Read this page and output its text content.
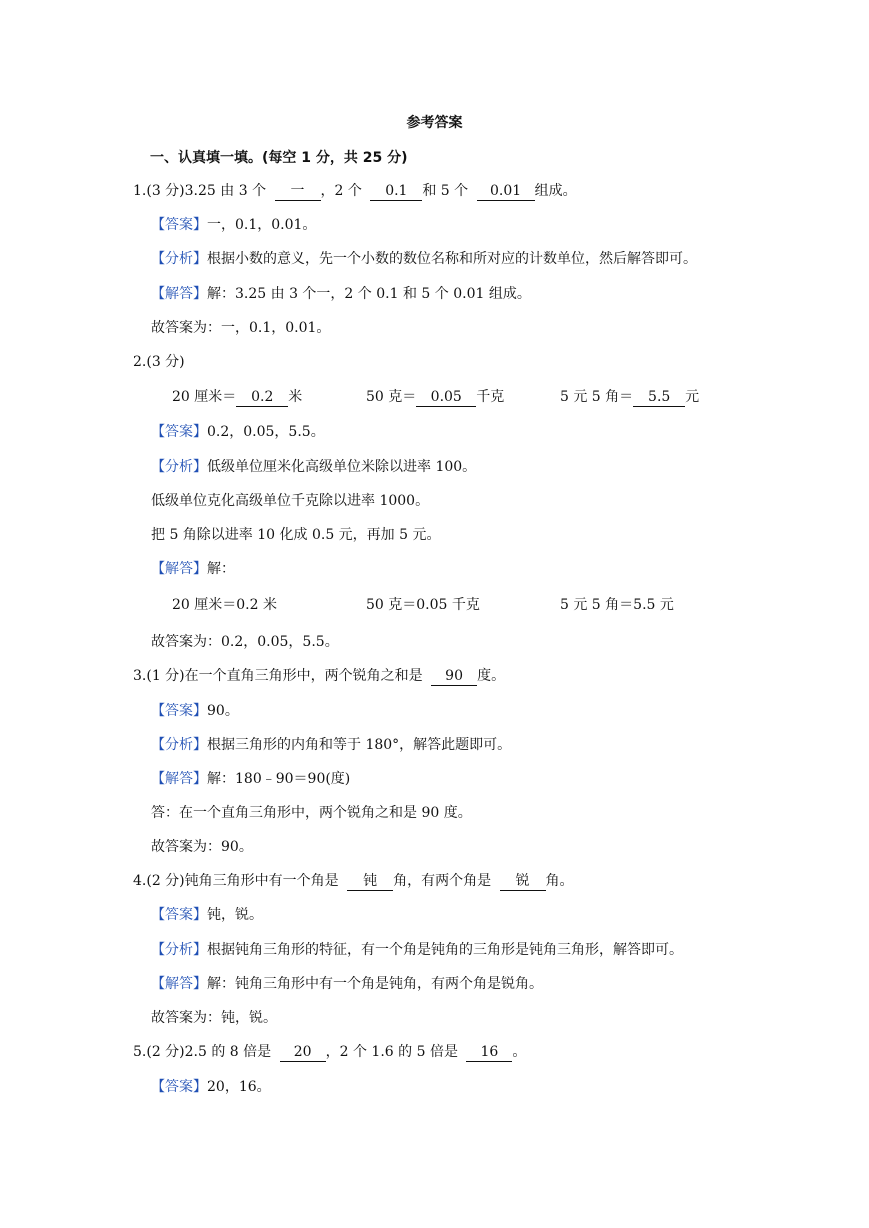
参考答案
一、认真填一填。(每空 1 分，共 25 分)
1.(3 分)3.25 由 3 个 一 ，2 个 0.1 和 5 个 0.01 组成。
【答案】一，0.1，0.01。
【分析】根据小数的意义，先一个小数的数位名称和所对应的计数单位，然后解答即可。
【解答】解：3.25 由 3 个一，2 个 0.1 和 5 个 0.01 组成。
故答案为：一，0.1，0.01。
2.(3 分)
20 厘米＝ 0.2 米	50 克＝ 0.05 千克	5 元 5 角＝ 5.5 元
【答案】0.2，0.05，5.5。
【分析】低级单位厘米化高级单位米除以进率 100。
低级单位克化高级单位千克除以进率 1000。
把 5 角除以进率 10 化成 0.5 元，再加 5 元。
【解答】解：
20 厘米＝0.2 米	50 克＝0.05 千克	5 元 5 角＝5.5 元
故答案为：0.2，0.05，5.5。
3.(1 分)在一个直角三角形中，两个锐角之和是 90 度。
【答案】90。
【分析】根据三角形的内角和等于 180°，解答此题即可。
【解答】解：180﹣90＝90(度)
答：在一个直角三角形中，两个锐角之和是 90 度。
故答案为：90。
4.(2 分)钝角三角形中有一个角是 钝 角，有两个角是 锐 角。
【答案】钝，锐。
【分析】根据钝角三角形的特征，有一个角是钝角的三角形是钝角三角形，解答即可。
【解答】解：钝角三角形中有一个角是钝角，有两个角是锐角。
故答案为：钝，锐。
5.(2 分)2.5 的 8 倍是 20 ，2 个 1.6 的 5 倍是 16 。
【答案】20，16。
